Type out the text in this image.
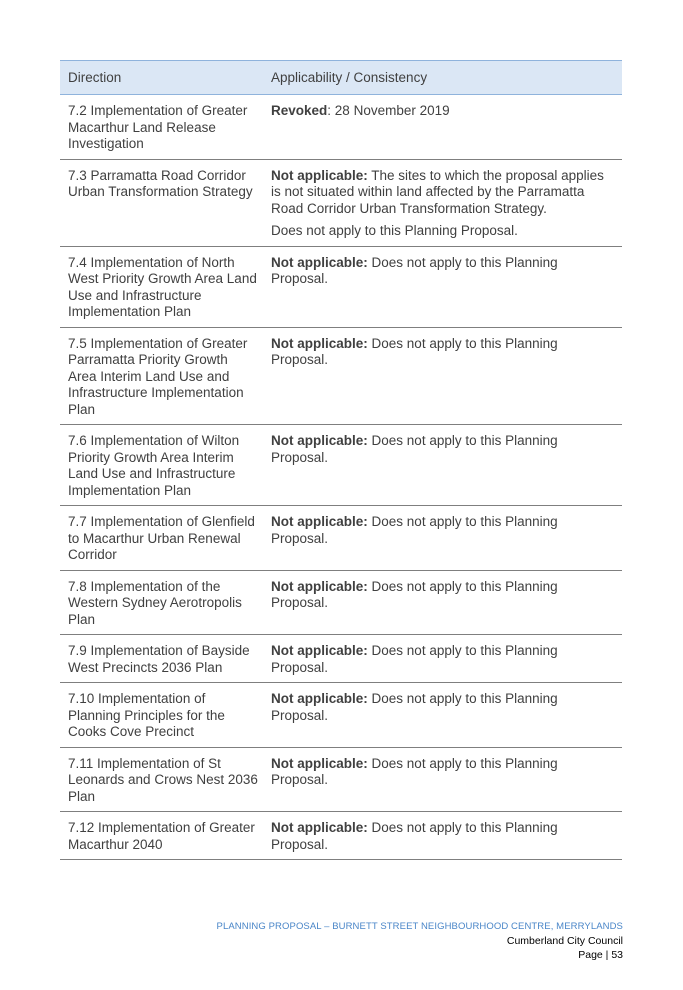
Direction	Applicability / Consistency
7.2 Implementation of Greater Macarthur Land Release Investigation	Revoked: 28 November 2019

7.3 Parramatta Road Corridor Urban Transformation Strategy	Not applicable: The sites to which the proposal applies is not situated within land affected by the Parramatta Road Corridor Urban Transformation Strategy.

Does not apply to this Planning Proposal.

7.4 Implementation of North West Priority Growth Area Land Use and Infrastructure Implementation Plan	Not applicable: Does not apply to this Planning Proposal.

7.5 Implementation of Greater Parramatta Priority Growth Area Interim Land Use and Infrastructure Implementation Plan	Not applicable: Does not apply to this Planning Proposal.

7.6 Implementation of Wilton Priority Growth Area Interim Land Use and Infrastructure Implementation Plan	Not applicable: Does not apply to this Planning Proposal.

7.7 Implementation of Glenfield to Macarthur Urban Renewal Corridor	Not applicable: Does not apply to this Planning Proposal.

7.8 Implementation of the Western Sydney Aerotropolis Plan	Not applicable: Does not apply to this Planning Proposal.

7.9 Implementation of Bayside West Precincts 2036 Plan	Not applicable: Does not apply to this Planning Proposal.

7.10 Implementation of Planning Principles for the Cooks Cove Precinct	Not applicable: Does not apply to this Planning Proposal.

7.11 Implementation of St Leonards and Crows Nest 2036 Plan	Not applicable: Does not apply to this Planning Proposal.

7.12 Implementation of Greater Macarthur 2040	Not applicable: Does not apply to this Planning Proposal.

PLANNING PROPOSAL – BURNETT STREET NEIGHBOURHOOD CENTRE, MERRYLANDS
Cumberland City Council
Page | 53
